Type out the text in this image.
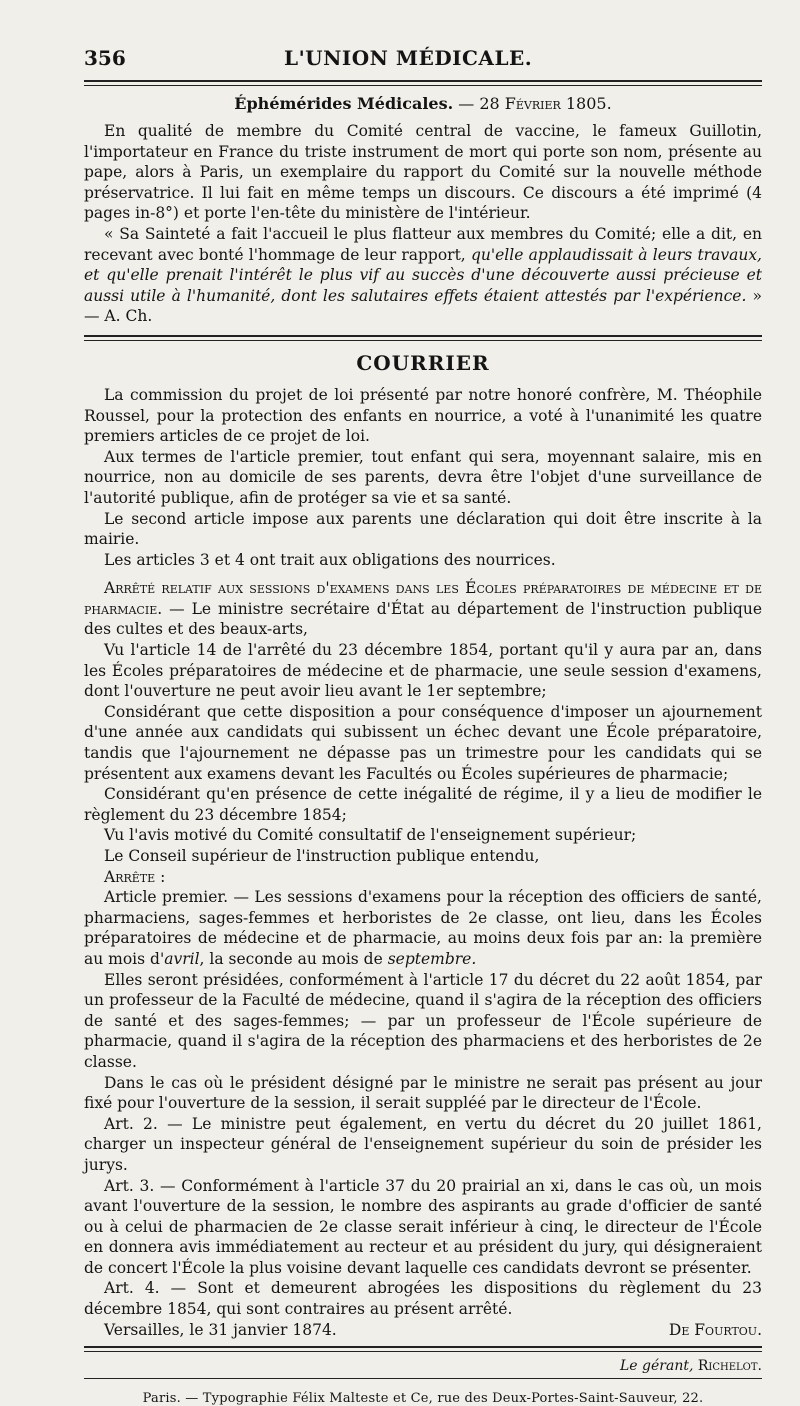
356	L'UNION MÉDICALE.
Éphémérides Médicales. — 28 Février 1805.

En qualité de membre du Comité central de vaccine, le fameux Guillotin, l'importateur en France du triste instrument de mort qui porte son nom, présente au pape, alors à Paris, un exemplaire du rapport du Comité sur la nouvelle méthode préservatrice. Il lui fait en même temps un discours. Ce discours a été imprimé (4 pages in-8°) et porte l'en-tête du ministère de l'intérieur.

« Sa Sainteté a fait l'accueil le plus flatteur aux membres du Comité; elle a dit, en recevant avec bonté l'hommage de leur rapport, qu'elle applaudissait à leurs travaux, et qu'elle prenait l'intérêt le plus vif au succès d'une découverte aussi précieuse et aussi utile à l'humanité, dont les salutaires effets étaient attestés par l'expérience. » — A. Ch.

COURRIER

La commission du projet de loi présenté par notre honoré confrère, M. Théophile Roussel, pour la protection des enfants en nourrice, a voté à l'unanimité les quatre premiers articles de ce projet de loi.

Aux termes de l'article premier, tout enfant qui sera, moyennant salaire, mis en nourrice, non au domicile de ses parents, devra être l'objet d'une surveillance de l'autorité publique, afin de protéger sa vie et sa santé.

Le second article impose aux parents une déclaration qui doit être inscrite à la mairie.

Les articles 3 et 4 ont trait aux obligations des nourrices.

Arrêté relatif aux sessions d'examens dans les Écoles préparatoires de médecine et de pharmacie. — Le ministre secrétaire d'État au département de l'instruction publique des cultes et des beaux-arts,

Vu l'article 14 de l'arrêté du 23 décembre 1854, portant qu'il y aura par an, dans les Écoles préparatoires de médecine et de pharmacie, une seule session d'examens, dont l'ouverture ne peut avoir lieu avant le 1er septembre;

Considérant que cette disposition a pour conséquence d'imposer un ajournement d'une année aux candidats qui subissent un échec devant une École préparatoire, tandis que l'ajournement ne dépasse pas un trimestre pour les candidats qui se présentent aux examens devant les Facultés ou Écoles supérieures de pharmacie;

Considérant qu'en présence de cette inégalité de régime, il y a lieu de modifier le règlement du 23 décembre 1854;

Vu l'avis motivé du Comité consultatif de l'enseignement supérieur;

Le Conseil supérieur de l'instruction publique entendu,

Arrête :

Article premier. — Les sessions d'examens pour la réception des officiers de santé, pharmaciens, sages-femmes et herboristes de 2e classe, ont lieu, dans les Écoles préparatoires de médecine et de pharmacie, au moins deux fois par an: la première au mois d'avril, la seconde au mois de septembre.

Elles seront présidées, conformément à l'article 17 du décret du 22 août 1854, par un professeur de la Faculté de médecine, quand il s'agira de la réception des officiers de santé et des sages-femmes; — par un professeur de l'École supérieure de pharmacie, quand il s'agira de la réception des pharmaciens et des herboristes de 2e classe.

Dans le cas où le président désigné par le ministre ne serait pas présent au jour fixé pour l'ouverture de la session, il serait suppléé par le directeur de l'École.

Art. 2. — Le ministre peut également, en vertu du décret du 20 juillet 1861, charger un inspecteur général de l'enseignement supérieur du soin de présider les jurys.

Art. 3. — Conformément à l'article 37 du 20 prairial an xi, dans le cas où, un mois avant l'ouverture de la session, le nombre des aspirants au grade d'officier de santé ou à celui de pharmacien de 2e classe serait inférieur à cinq, le directeur de l'École en donnera avis immédiatement au recteur et au président du jury, qui désigneraient de concert l'École la plus voisine devant laquelle ces candidats devront se présenter.

Art. 4. — Sont et demeurent abrogées les dispositions du règlement du 23 décembre 1854, qui sont contraires au présent arrêté.

Versailles, le 31 janvier 1874.	De Fourtou.
Le gérant,
Richelot.
Paris. — Typographie Félix Malteste et Ce, rue des Deux-Portes-Saint-Sauveur, 22.
